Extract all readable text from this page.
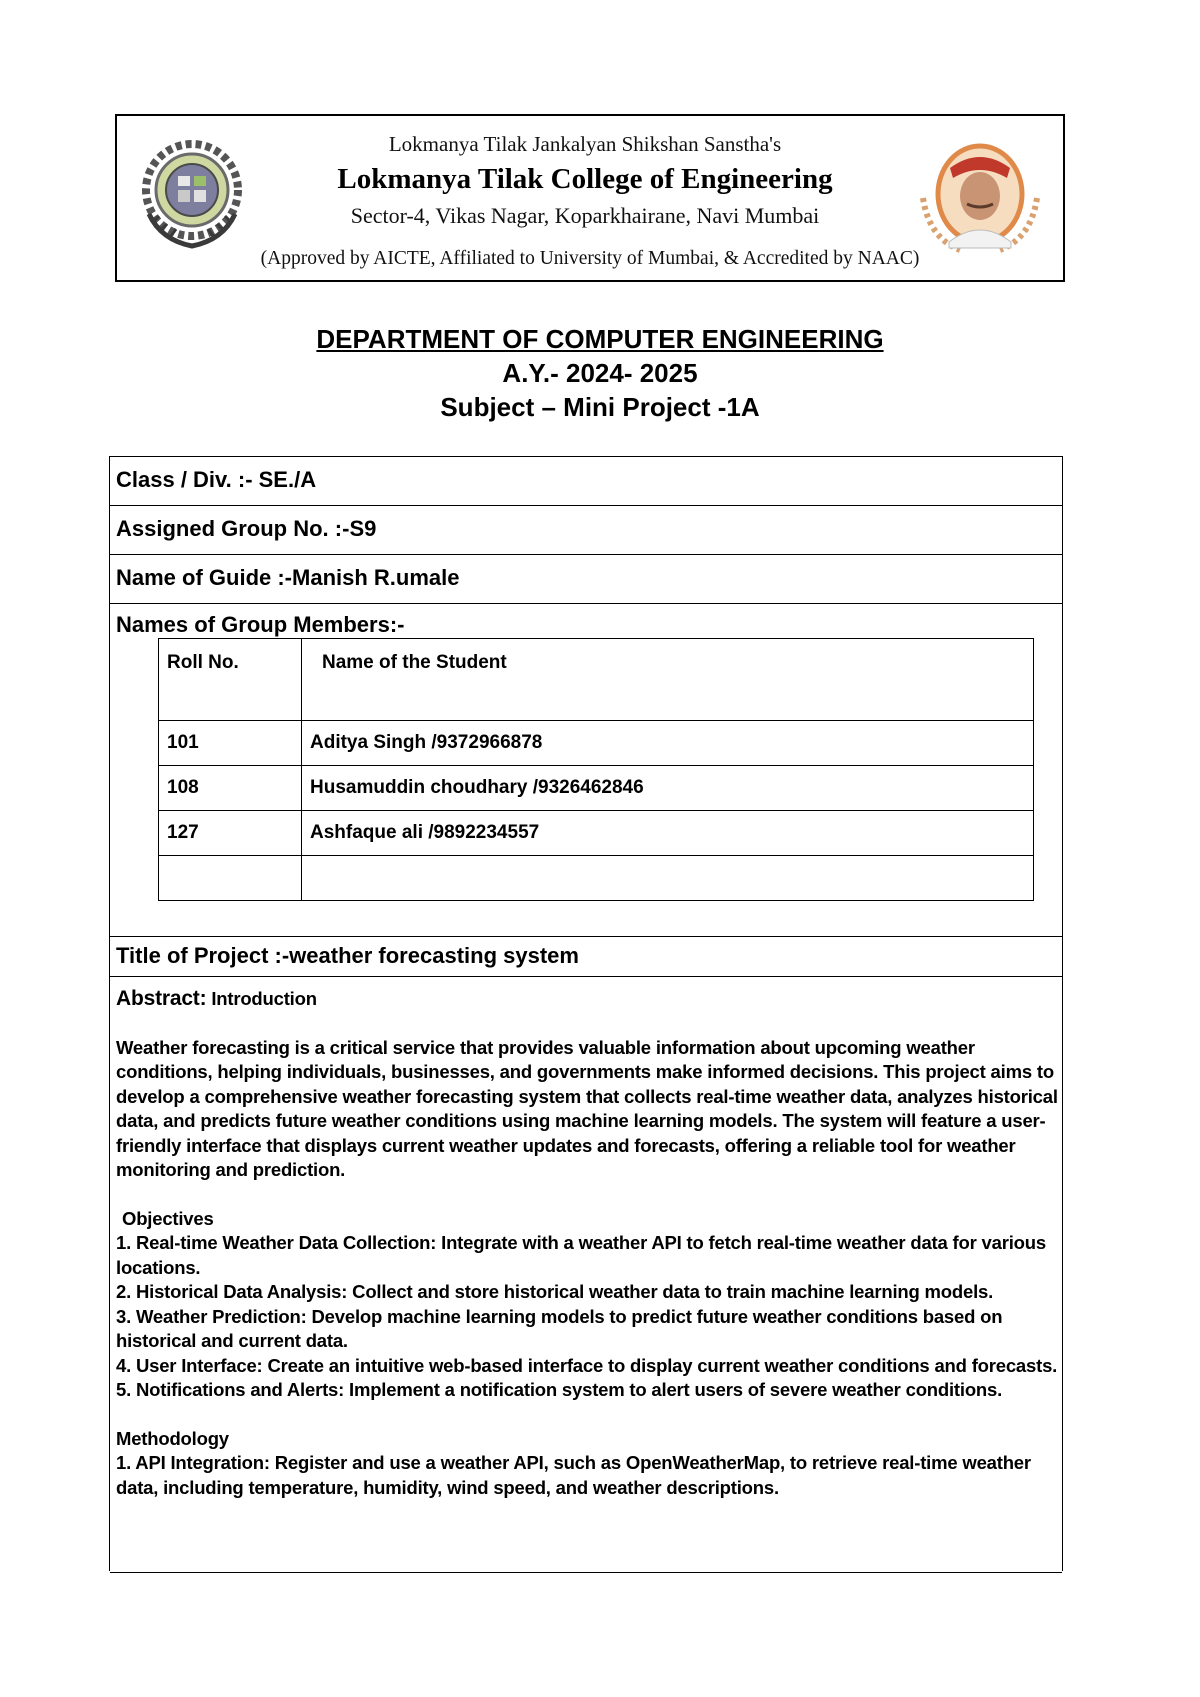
Lokmanya Tilak Jankalyan Shikshan Sanstha's
Lokmanya Tilak College of Engineering
Sector-4, Vikas Nagar, Koparkhairane, Navi Mumbai
(Approved by AICTE, Affiliated to University of Mumbai, & Accredited by NAAC)
DEPARTMENT OF COMPUTER ENGINEERING
A.Y.- 2024- 2025
Subject – Mini Project -1A
Class / Div. :- SE./A
Assigned Group No. :-S9
Name of Guide :-Manish R.umale
Names of Group Members:-
Roll No.	Name of the Student
101	Aditya Singh /9372966878
108	Husamuddin choudhary /9326462846
127	Ashfaque ali /9892234557

Title of Project :-weather forecasting system

Abstract: Introduction

Weather forecasting is a critical service that provides valuable information about upcoming weather conditions, helping individuals, businesses, and governments make informed decisions. This project aims to develop a comprehensive weather forecasting system that collects real-time weather data, analyzes historical data, and predicts future weather conditions using machine learning models. The system will feature a user-friendly interface that displays current weather updates and forecasts, offering a reliable tool for weather monitoring and prediction.

Objectives

1. Real-time Weather Data Collection: Integrate with a weather API to fetch real-time weather data for various locations.

2. Historical Data Analysis: Collect and store historical weather data to train machine learning models.

3. Weather Prediction: Develop machine learning models to predict future weather conditions based on historical and current data.

4. User Interface: Create an intuitive web-based interface to display current weather conditions and forecasts.

5. Notifications and Alerts: Implement a notification system to alert users of severe weather conditions.

Methodology

1. API Integration: Register and use a weather API, such as OpenWeatherMap, to retrieve real-time weather data, including temperature, humidity, wind speed, and weather descriptions.
